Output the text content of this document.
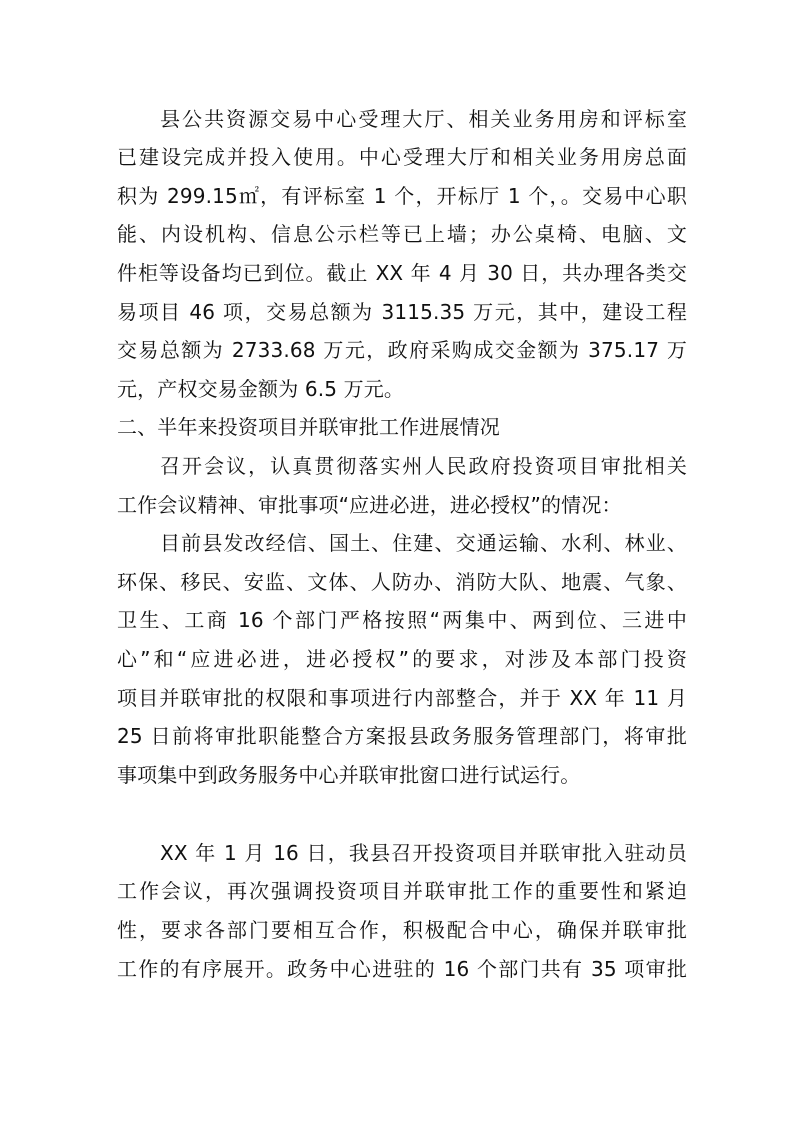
县公共资源交易中心受理大厅、相关业务用房和评标室
已建设完成并投入使用。中心受理大厅和相关业务用房总面
积为 299.15㎡，有评标室 1 个，开标厅 1 个，。交易中心职
能、内设机构、信息公示栏等已上墙；办公桌椅、电脑、文
件柜等设备均已到位。截止 XX 年 4 月 30 日，共办理各类交
易项目 46 项，交易总额为 3115.35 万元，其中，建设工程
交易总额为 2733.68 万元，政府采购成交金额为 375.17 万
元，产权交易金额为 6.5 万元。
二、半年来投资项目并联审批工作进展情况
召开会议，认真贯彻落实州人民政府投资项目审批相关
工作会议精神、审批事项“应进必进，进必授权”的情况：
目前县发改经信、国土、住建、交通运输、水利、林业、
环保、移民、安监、文体、人防办、消防大队、地震、气象、
卫生、工商 16 个部门严格按照“两集中、两到位、三进中
心”和“应进必进，进必授权”的要求，对涉及本部门投资
项目并联审批的权限和事项进行内部整合，并于 XX 年 11 月
25 日前将审批职能整合方案报县政务服务管理部门，将审批
事项集中到政务服务中心并联审批窗口进行试运行。
XX 年 1 月 16 日，我县召开投资项目并联审批入驻动员
工作会议，再次强调投资项目并联审批工作的重要性和紧迫
性，要求各部门要相互合作，积极配合中心，确保并联审批
工作的有序展开。政务中心进驻的 16 个部门共有 35 项审批
